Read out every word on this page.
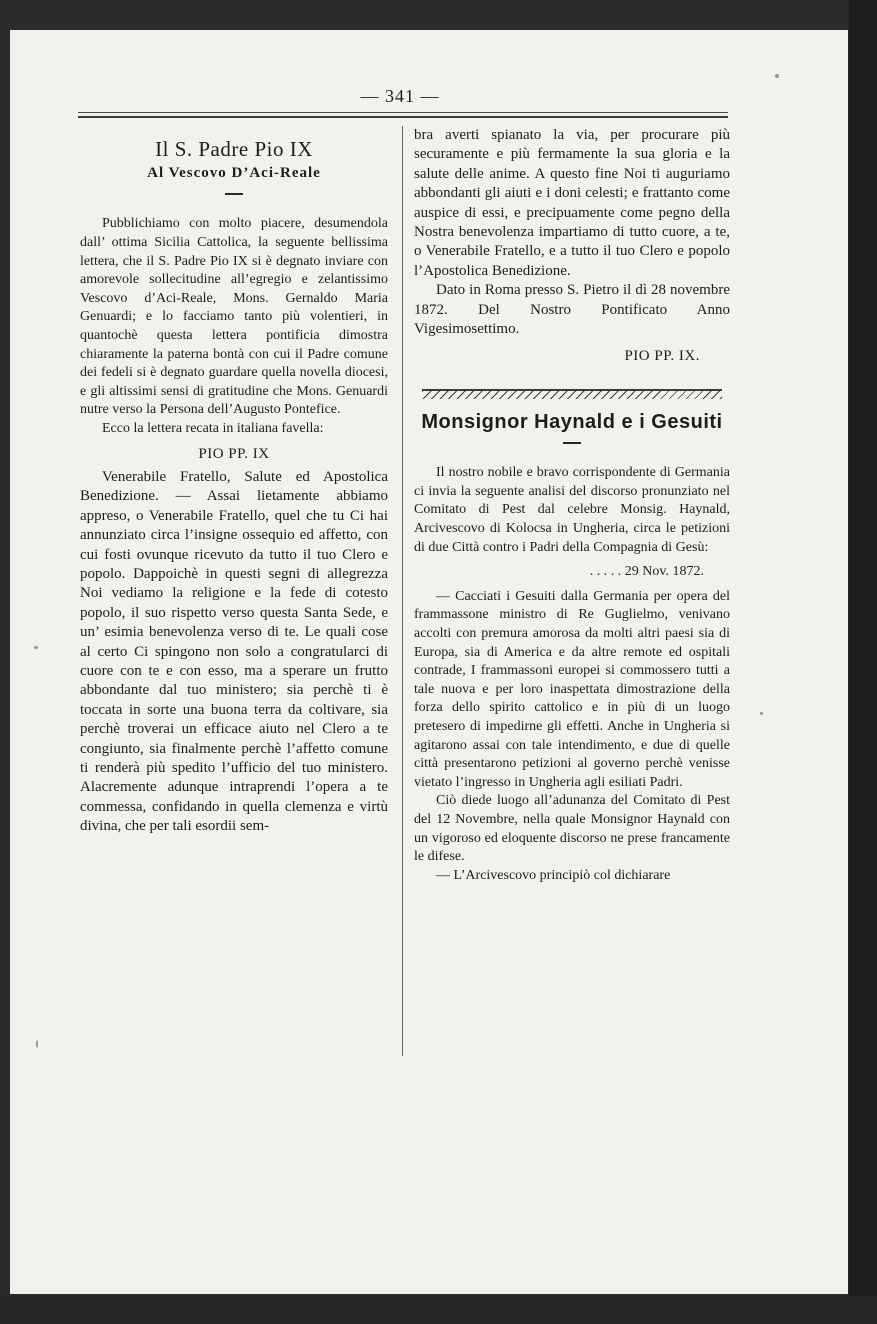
— 341 —
Il S. Padre Pio IX
Al Vescovo D’Aci-Reale

Pubblichiamo con molto piacere, desumendola dall’ ottima Sicilia Cattolica, la seguente bellissima lettera, che il S. Padre Pio IX si è degnato inviare con amorevole sollecitudine all’egregio e zelantissimo Vescovo d’Aci-Reale, Mons. Gernaldo Maria Genuardi; e lo facciamo tanto più volentieri, in quantochè questa lettera pontificia dimostra chiaramente la paterna bontà con cui il Padre comune dei fedeli si è degnato guardare quella novella diocesi, e gli altissimi sensi di gratitudine che Mons. Genuardi nutre verso la Persona dell’Augusto Pontefice.

Ecco la lettera recata in italiana favella:

PIO PP. IX

Venerabile Fratello, Salute ed Apostolica Benedizione. — Assai lietamente abbiamo appreso, o Venerabile Fratello, quel che tu Ci hai annunziato circa l’insigne ossequio ed affetto, con cui fosti ovunque ricevuto da tutto il tuo Clero e popolo. Dappoichè in questi segni di allegrezza Noi vediamo la religione e la fede di cotesto popolo, il suo rispetto verso questa Santa Sede, e un’ esimia benevolenza verso di te. Le quali cose al certo Ci spingono non solo a congratularci di cuore con te e con esso, ma a sperare un frutto abbondante dal tuo ministero; sia perchè ti è toccata in sorte una buona terra da coltivare, sia perchè troverai un efficace aiuto nel Clero a te congiunto, sia finalmente perchè l’affetto comune ti renderà più spedito l’ufficio del tuo ministero. Alacremente adunque intraprendi l’opera a te commessa, confidando in quella clemenza e virtù divina, che per tali esordii sem-

bra averti spianato la via, per procurare più securamente e più fermamente la sua gloria e la salute delle anime. A questo fine Noi ti auguriamo abbondanti gli aiuti e i doni celesti; e frattanto come auspice di essi, e precipuamente come pegno della Nostra benevolenza impartiamo di tutto cuore, a te, o Venerabile Fratello, e a tutto il tuo Clero e popolo l’Apostolica Benedizione.

Dato in Roma presso S. Pietro il dì 28 novembre 1872. Del Nostro Pontificato Anno Vigesimosettimo.

PIO PP. IX.

Monsignor Haynald e i Gesuiti

Il nostro nobile e bravo corrispondente di Germania ci invia la seguente analisi del discorso pronunziato nel Comitato di Pest dal celebre Monsig. Haynald, Arcivescovo di Kolocsa in Ungheria, circa le petizioni di due Città contro i Padri della Compagnia di Gesù:

. . . . . 29 Nov. 1872.

— Cacciati i Gesuiti dalla Germania per opera del frammassone ministro di Re Guglielmo, venivano accolti con premura amorosa da molti altri paesi sia di Europa, sia di America e da altre remote ed ospitali contrade, I frammassoni europei si commossero tutti a tale nuova e per loro inaspettata dimostrazione della forza dello spirito cattolico e in più di un luogo pretesero di impedirne gli effetti. Anche in Ungheria si agitarono assai con tale intendimento, e due di quelle città presentarono petizioni al governo perchè venisse vietato l’ingresso in Ungheria agli esiliati Padri.

Ciò diede luogo all’adunanza del Comitato di Pest del 12 Novembre, nella quale Monsignor Haynald con un vigoroso ed eloquente discorso ne prese francamente le difese.

— L’Arcivescovo principiò col dichiarare
